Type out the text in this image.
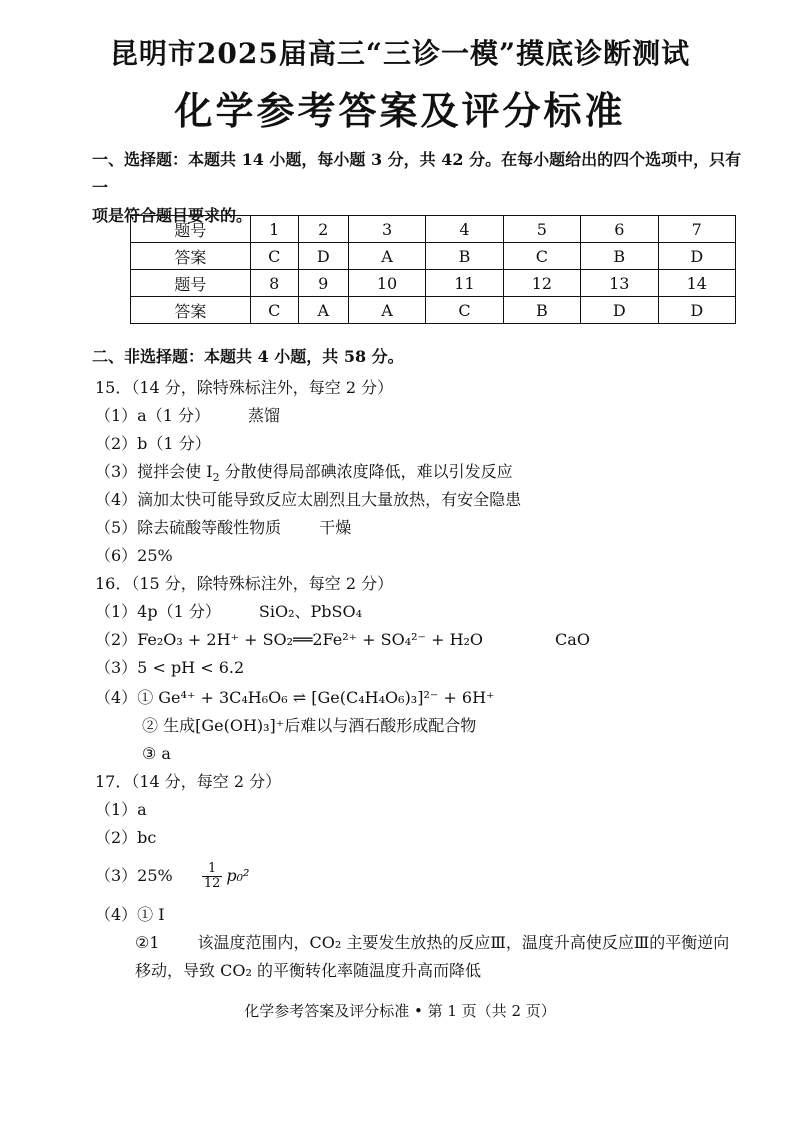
昆明市2025届高三“三诊一模”摸底诊断测试
化学参考答案及评分标准
一、选择题：本题共 14 小题，每小题 3 分，共 42 分。在每小题给出的四个选项中，只有一
项是符合题目要求的。
题号	1	2	3	4	5	6	7
答案	C	D	A	B	C	B	D
题号	8	9	10	11	12	13	14
答案	C	A	A	C	B	D	D
二、非选择题：本题共 4 小题，共 58 分。
15．（14 分，除特殊标注外，每空 2 分）
（1）a（1 分） 蒸馏
（2）b（1 分）
（3）搅拌会使 $I_2$ 分散使得局部碘浓度降低，难以引发反应
（4）滴加太快可能导致反应太剧烈且大量放热，有安全隐患
（5）除去硫酸等酸性物质 干燥
（6）25%
16．（15 分，除特殊标注外，每空 2 分）
（1）4p（1 分） SiO₂、PbSO₄
（2）Fe₂O₃ + 2H⁺ + SO₂══2Fe²⁺ + SO₄²⁻ + H₂O	CaO
（3）5 < pH < 6.2
（4）① Ge⁴⁺ + 3C₄H₆O₆ ⇌ [Ge(C₄H₄O₆)₃]²⁻ + 6H⁺
② 生成[Ge(OH)₃]⁺后难以与酒石酸形成配合物
③ a
17．（14 分，每空 2 分）
（1）a
（2）bc
$(3)25\% \frac{1}{12} p_0^2$
（4）① I
②1 该温度范围内，CO₂ 主要发生放热的反应Ⅲ，温度升高使反应Ⅲ的平衡逆向
移动，导致 CO₂ 的平衡转化率随温度升高而降低
化学参考答案及评分标准 • 第 1 页（共 2 页）
